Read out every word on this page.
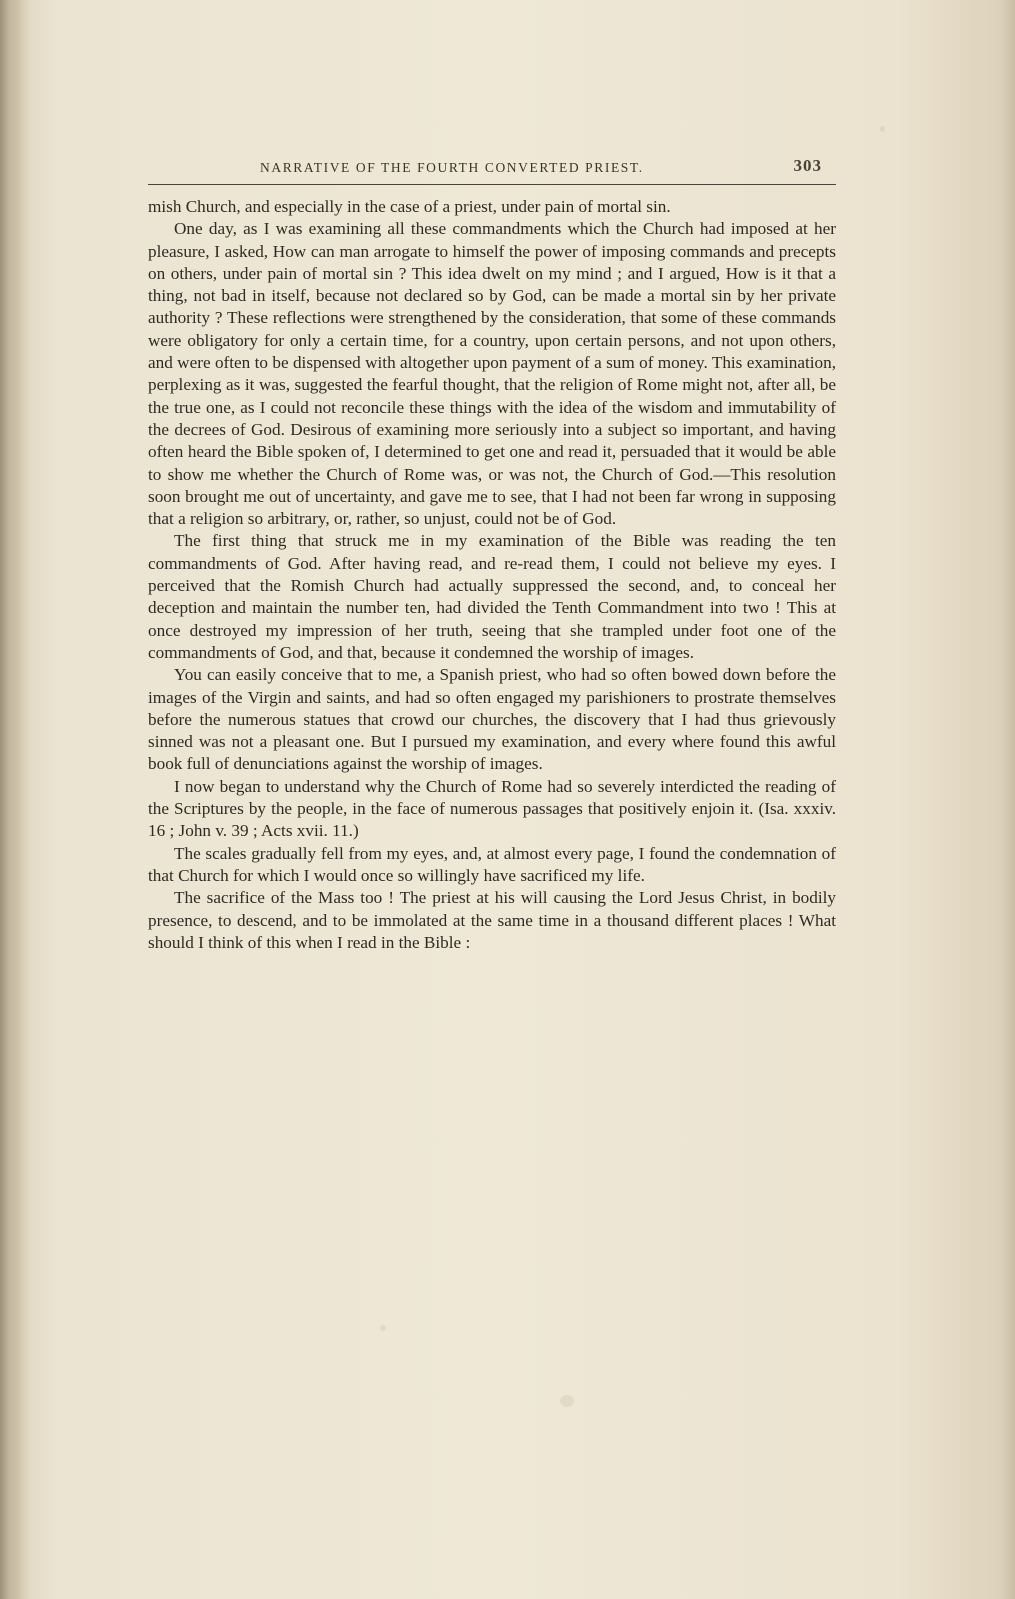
NARRATIVE OF THE FOURTH CONVERTED PRIEST.	303

mish Church, and especially in the case of a priest, under pain of mortal sin.

One day, as I was examining all these commandments which the Church had imposed at her pleasure, I asked, How can man arrogate to himself the power of imposing commands and precepts on others, under pain of mortal sin ? This idea dwelt on my mind ; and I argued, How is it that a thing, not bad in itself, because not declared so by God, can be made a mortal sin by her private authority ? These reflections were strengthened by the consideration, that some of these commands were obligatory for only a certain time, for a country, upon certain persons, and not upon others, and were often to be dispensed with altogether upon payment of a sum of money. This examination, perplexing as it was, suggested the fearful thought, that the religion of Rome might not, after all, be the true one, as I could not reconcile these things with the idea of the wisdom and immutability of the decrees of God. Desirous of examining more seriously into a subject so important, and having often heard the Bible spoken of, I determined to get one and read it, persuaded that it would be able to show me whether the Church of Rome was, or was not, the Church of God.—This resolution soon brought me out of uncertainty, and gave me to see, that I had not been far wrong in supposing that a religion so arbitrary, or, rather, so unjust, could not be of God.

The first thing that struck me in my examination of the Bible was reading the ten commandments of God. After having read, and re-read them, I could not believe my eyes. I perceived that the Romish Church had actually suppressed the second, and, to conceal her deception and maintain the number ten, had divided the Tenth Commandment into two ! This at once destroyed my impression of her truth, seeing that she trampled under foot one of the commandments of God, and that, because it condemned the worship of images.

You can easily conceive that to me, a Spanish priest, who had so often bowed down before the images of the Virgin and saints, and had so often engaged my parishioners to prostrate themselves before the numerous statues that crowd our churches, the discovery that I had thus grievously sinned was not a pleasant one. But I pursued my examination, and every where found this awful book full of denunciations against the worship of images.

I now began to understand why the Church of Rome had so severely interdicted the reading of the Scriptures by the people, in the face of numerous passages that positively enjoin it. (Isa. xxxiv. 16 ; John v. 39 ; Acts xvii. 11.)

The scales gradually fell from my eyes, and, at almost every page, I found the condemnation of that Church for which I would once so willingly have sacrificed my life.

The sacrifice of the Mass too ! The priest at his will causing the Lord Jesus Christ, in bodily presence, to descend, and to be immolated at the same time in a thousand different places ! What should I think of this when I read in the Bible :
